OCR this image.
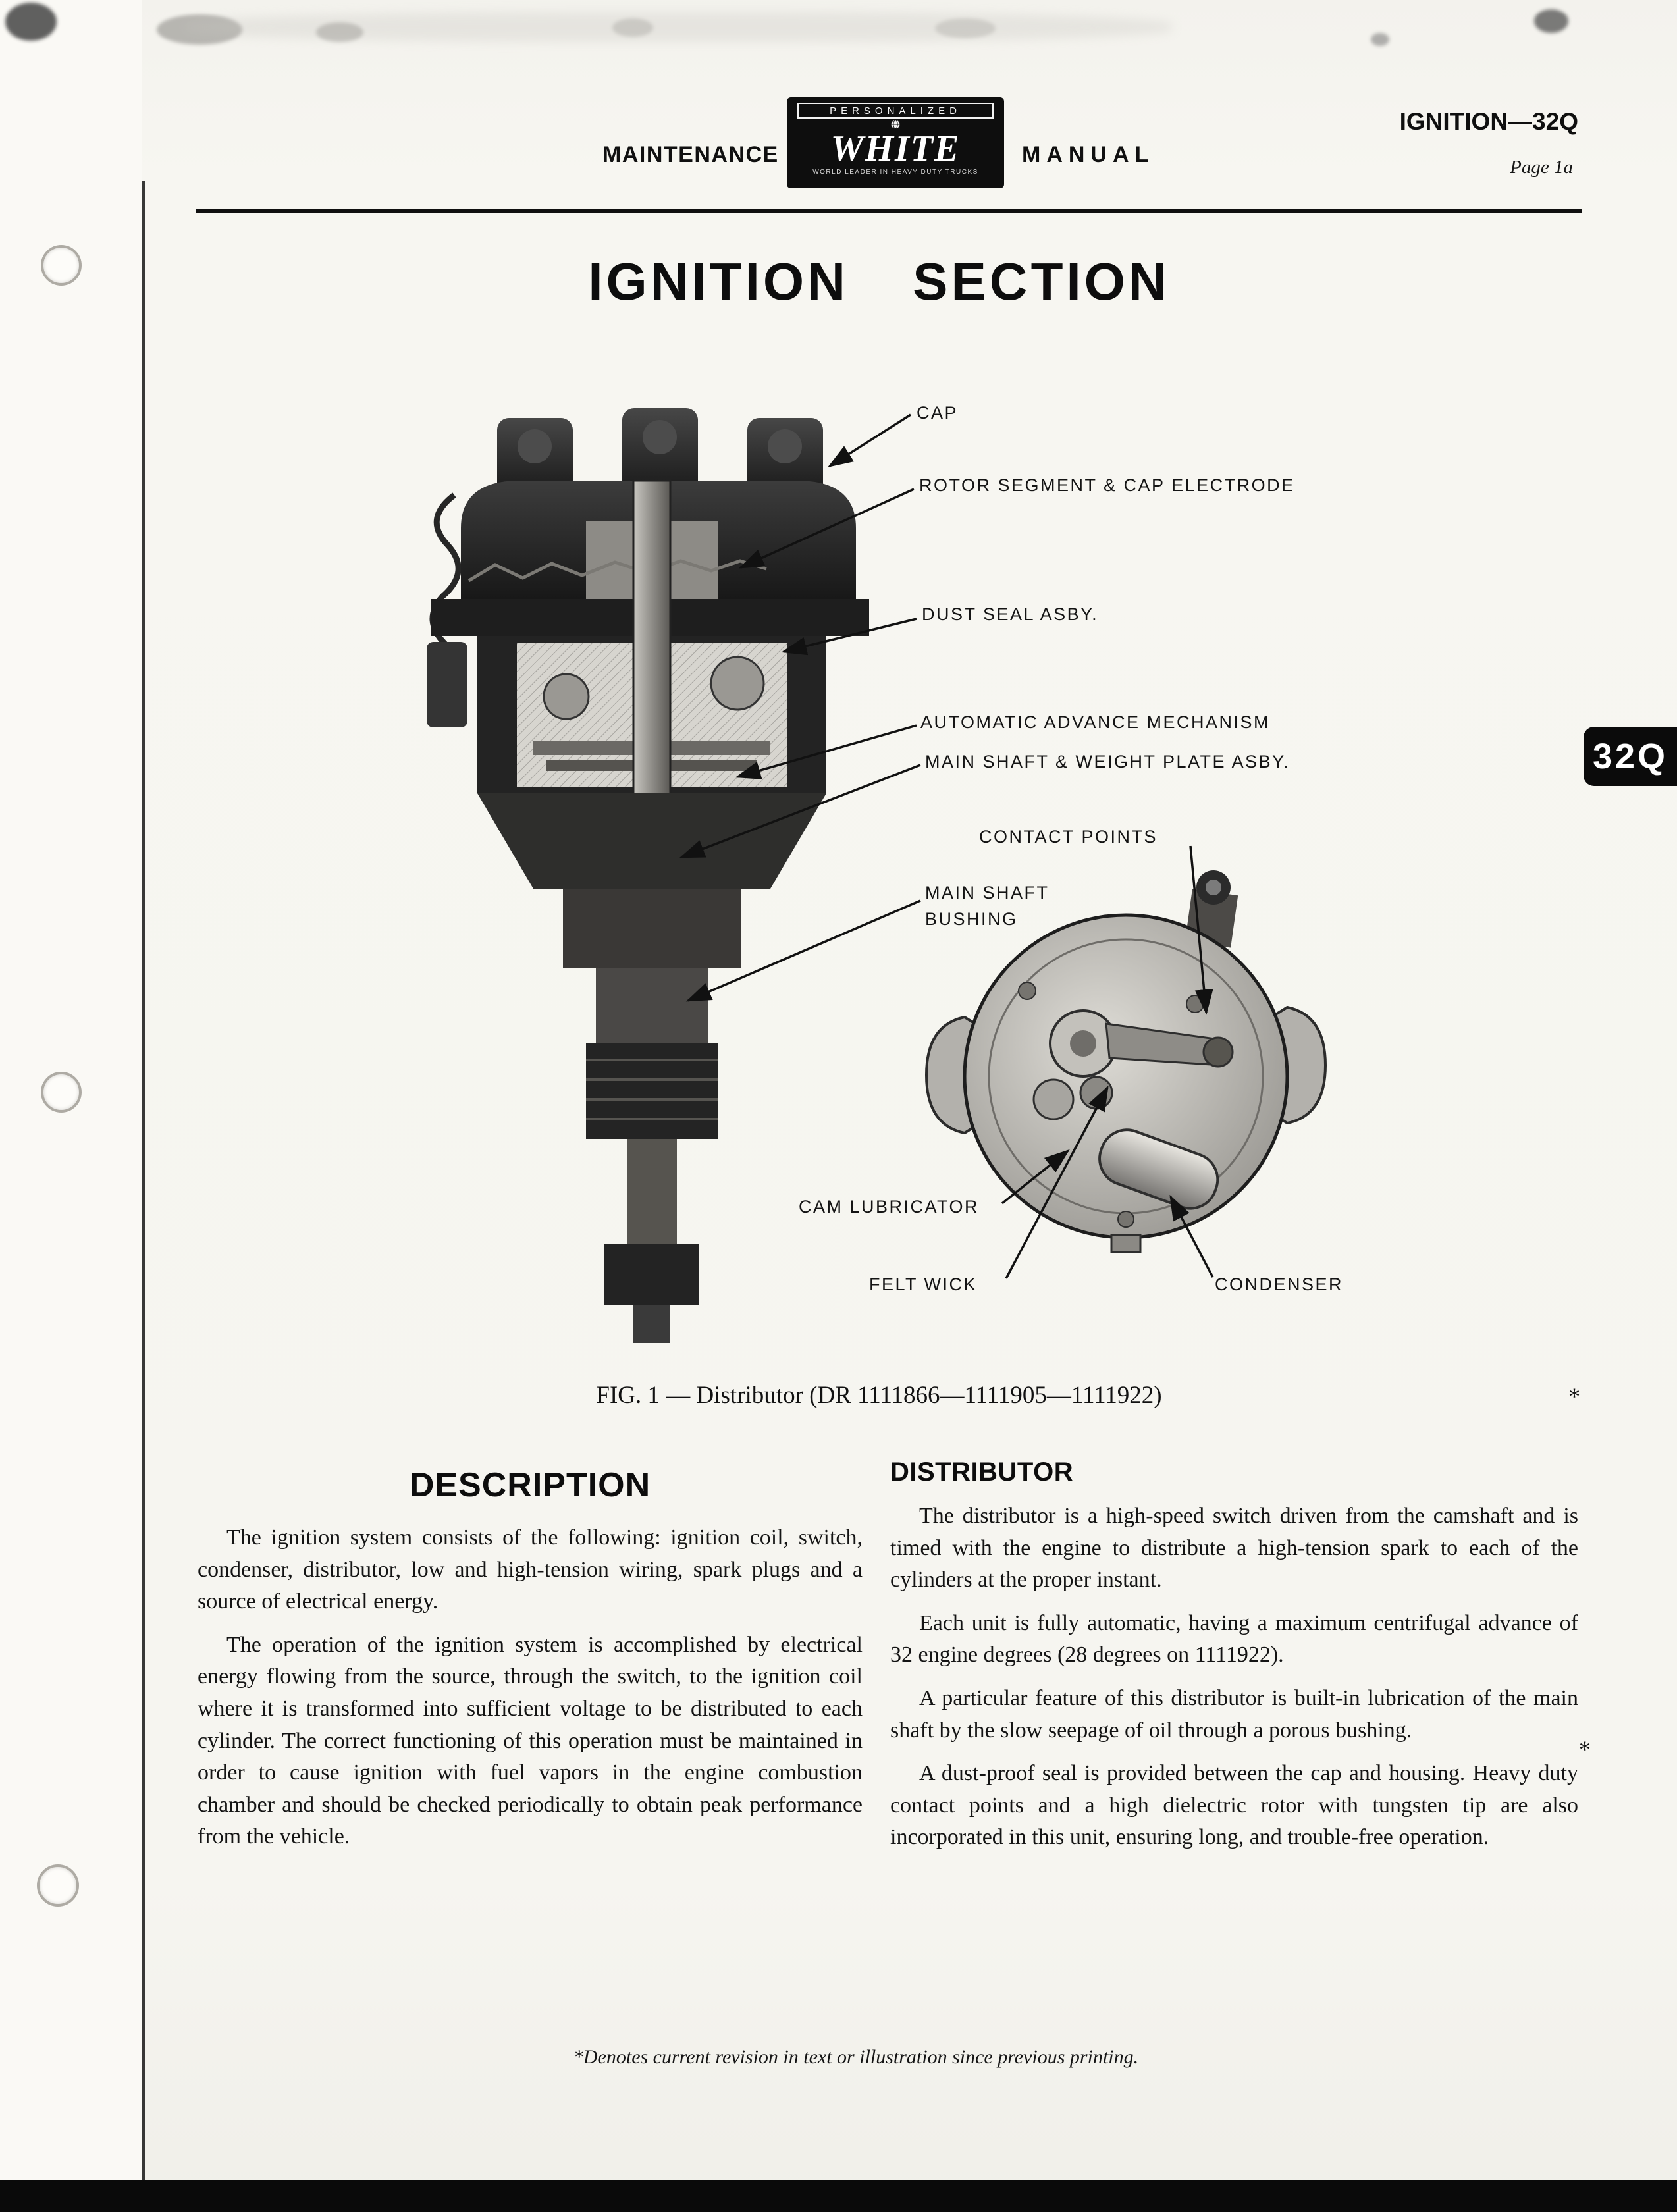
MAINTENANCE
PERSONALIZED
WHITE
WORLD LEADER IN HEAVY DUTY TRUCKS
MANUAL
IGNITION—32Q
Page 1a
IGNITION SECTION
32Q
CAP
ROTOR SEGMENT & CAP ELECTRODE
DUST SEAL ASBY.
AUTOMATIC ADVANCE MECHANISM
MAIN SHAFT & WEIGHT PLATE ASBY.
CONTACT POINTS
MAIN SHAFT
BUSHING
CAM LUBRICATOR
FELT WICK	CONDENSER
FIG. 1 — Distributor (DR 1111866—1111905—1111922)	*
DESCRIPTION

The ignition system consists of the following: ignition coil, switch, condenser, distributor, low and high-tension wiring, spark plugs and a source of electrical energy.

The operation of the ignition system is accomplished by electrical energy flowing from the source, through the switch, to the ignition coil where it is transformed into sufficient voltage to be distributed to each cylinder. The correct functioning of this operation must be maintained in order to cause ignition with fuel vapors in the engine combustion chamber and should be checked periodically to obtain peak performance from the vehicle.

DISTRIBUTOR

The distributor is a high-speed switch driven from the camshaft and is timed with the engine to distribute a high-tension spark to each of the cylinders at the proper instant.

Each unit is fully automatic, having a maximum centrifugal advance of 32 engine degrees (28 degrees on 1111922).

A particular feature of this distributor is built-in lubrication of the main shaft by the slow seepage of oil through a porous bushing.

A dust-proof seal is provided between the cap and housing. Heavy duty contact points and a high dielectric rotor with tungsten tip are also incorporated in this unit, ensuring long, and trouble-free operation.

*
*Denotes current revision in text or illustration since previous printing.
